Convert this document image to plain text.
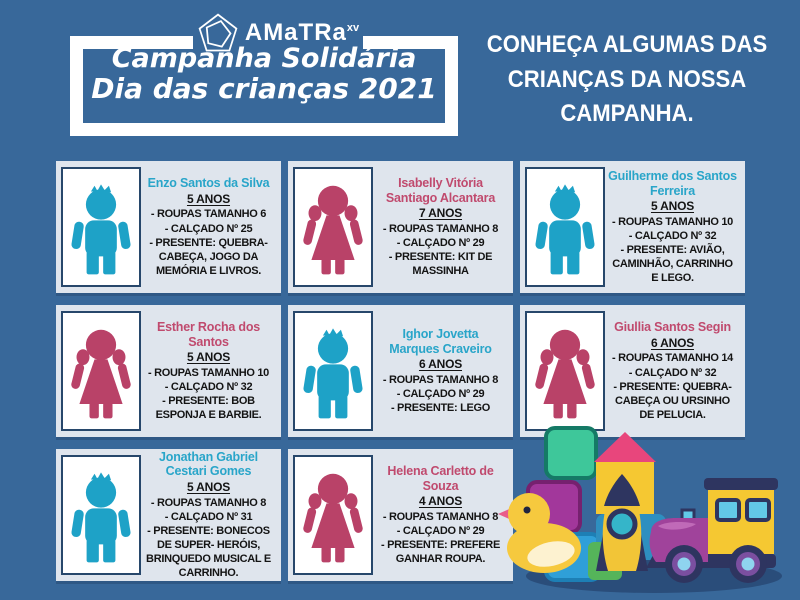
AMaTRa$^{xv}$
Campanha Solidária
Dia das crianças 2021
CONHEÇA ALGUMAS DAS
CRIANÇAS DA NOSSA
CAMPANHA.
Enzo Santos da Silva
5 ANOS
- ROUPAS TAMANHO 6
- CALÇADO Nº 25
- PRESENTE: QUEBRA-CABEÇA, JOGO DA MEMÓRIA E LIVROS.
Isabelly Vitória Santiago Alcantara
7 ANOS
- ROUPAS TAMANHO 8
- CALÇADO Nº 29
- PRESENTE: KIT DE MASSINHA
Guilherme dos Santos Ferreira
5 ANOS
- ROUPAS TAMANHO 10
- CALÇADO Nº 32
- PRESENTE: AVIÃO, CAMINHÃO, CARRINHO E LEGO.
Esther Rocha dos Santos
5 ANOS
- ROUPAS TAMANHO 10
- CALÇADO Nº 32
- PRESENTE: BOB ESPONJA E BARBIE.
Ighor Jovetta Marques Craveiro
6 ANOS
- ROUPAS TAMANHO 8
- CALÇADO Nº 29
- PRESENTE: LEGO
Giullia Santos Segin
6 ANOS
- ROUPAS TAMANHO 14
- CALÇADO Nº 32
- PRESENTE: QUEBRA-CABEÇA OU URSINHO DE PELUCIA.
Jonathan Gabriel Cestari Gomes
5 ANOS
- ROUPAS TAMANHO 8
- CALÇADO Nº 31
- PRESENTE: BONECOS DE SUPER- HERÓIS, BRINQUEDO MUSICAL E CARRINHO.
Helena Carletto de Souza
4 ANOS
- ROUPAS TAMANHO 8
- CALÇADO Nº 29
- PRESENTE: PREFERE GANHAR ROUPA.
